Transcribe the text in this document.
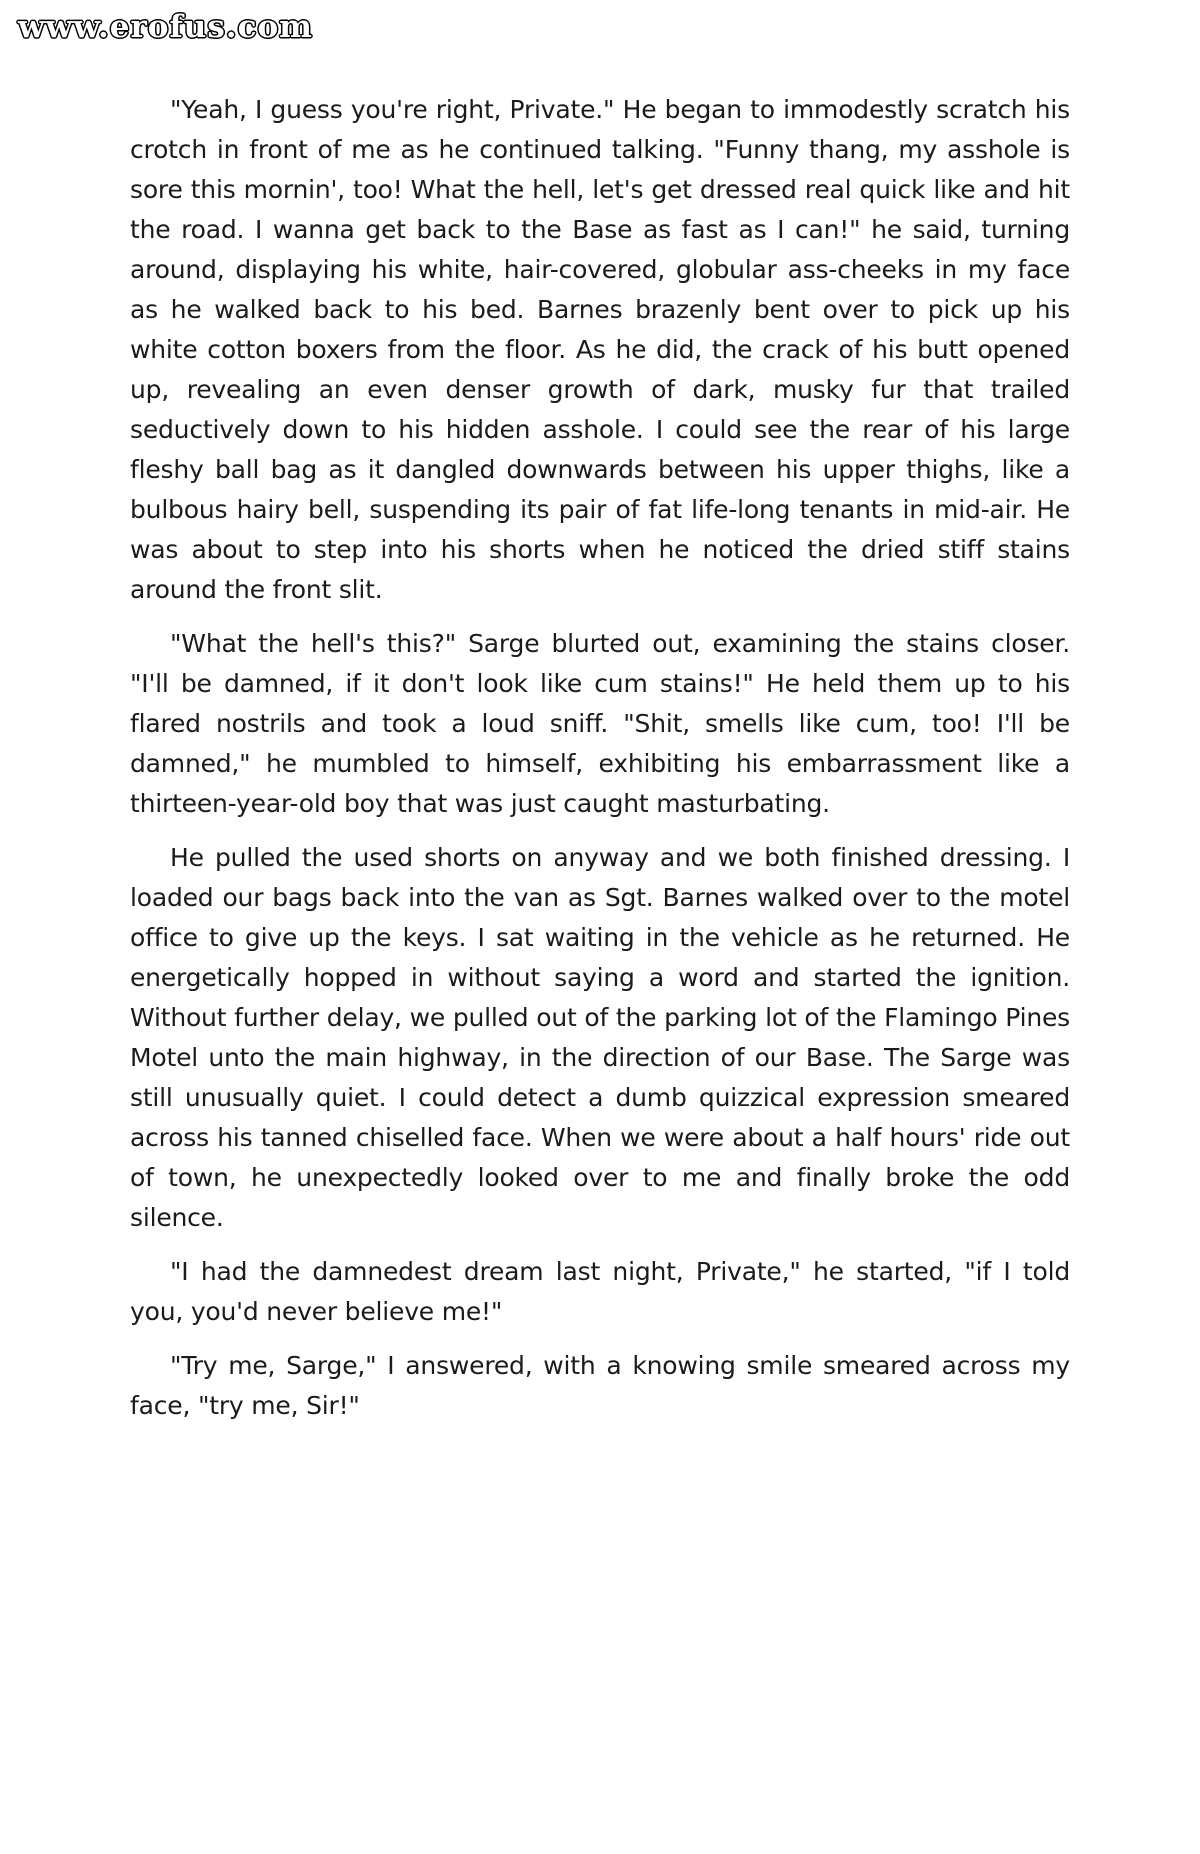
www.erofus.com

"Yeah, I guess you're right, Private." He began to immodestly scratch his crotch in front of me as he continued talking. "Funny thang, my asshole is sore this mornin', too! What the hell, let's get dressed real quick like and hit the road. I wanna get back to the Base as fast as I can!" he said, turning around, displaying his white, hair-covered, globular ass-cheeks in my face as he walked back to his bed. Barnes brazenly bent over to pick up his white cotton boxers from the floor. As he did, the crack of his butt opened up, revealing an even denser growth of dark, musky fur that trailed seductively down to his hidden asshole. I could see the rear of his large fleshy ball bag as it dangled downwards between his upper thighs, like a bulbous hairy bell, suspending its pair of fat life-long tenants in mid-air. He was about to step into his shorts when he noticed the dried stiff stains around the front slit.

"What the hell's this?" Sarge blurted out, examining the stains closer. "I'll be damned, if it don't look like cum stains!" He held them up to his flared nostrils and took a loud sniff. "Shit, smells like cum, too! I'll be damned," he mumbled to himself, exhibiting his embarrassment like a thirteen-year-old boy that was just caught masturbating.

He pulled the used shorts on anyway and we both finished dressing. I loaded our bags back into the van as Sgt. Barnes walked over to the motel office to give up the keys. I sat waiting in the vehicle as he returned. He energetically hopped in without saying a word and started the ignition. Without further delay, we pulled out of the parking lot of the Flamingo Pines Motel unto the main highway, in the direction of our Base. The Sarge was still unusually quiet. I could detect a dumb quizzical expression smeared across his tanned chiselled face. When we were about a half hours' ride out of town, he unexpectedly looked over to me and finally broke the odd silence.

"I had the damnedest dream last night, Private," he started, "if I told you, you'd never believe me!"

"Try me, Sarge," I answered, with a knowing smile smeared across my face, "try me, Sir!"
